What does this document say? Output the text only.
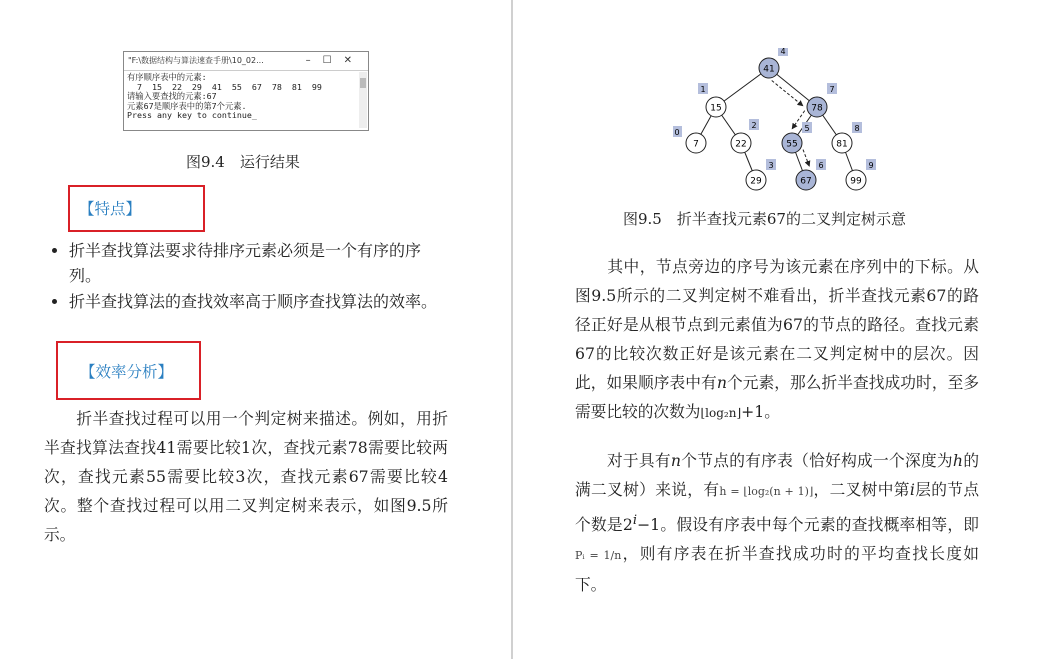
"F:\数据结构与算法速查手册\10_02...	–☐✕
有序顺序表中的元素:
7  15  22  29  41  55  67  78  81  99
请输入要查找的元素:67
元素67是顺序表中的第7个元素.
Press any key to continue_
图9.4　运行结果
【特点】
折半查找算法要求待排序元素必须是一个有序的序列。
折半查找算法的查找效率高于顺序查找算法的效率。
【效率分析】
　　折半查找过程可以用一个判定树来描述。例如，用折半查找算法查找41需要比较1次，查找元素78需要比较两次，查找元素55需要比较3次，查找元素67需要比较4次。整个查找过程可以用二叉判定树来表示，如图9.5所示。
41
4
15
1
78
7
7
0
22
2
55
5
81
8
29
3
67
6
99
9
图9.5　折半查找元素67的二叉判定树示意
　　其中，节点旁边的序号为该元素在序列中的下标。从图9.5所示的二叉判定树不难看出，折半查找元素67的路径正好是从根节点到元素值为67的节点的路径。查找元素67的比较次数正好是该元素在二叉判定树中的层次。因此，如果顺序表中有n个元素，那么折半查找成功时，至多需要比较的次数为⌊log₂n⌋+1。
　　对于具有n个节点的有序表（恰好构成一个深度为h的满二叉树）来说，有h = ⌊log₂(n + 1)⌋，二叉树中第i层的节点个数是$2^i-1$。假设有序表中每个元素的查找概率相等，即Pᵢ = 1/n，则有序表在折半查找成功时的平均查找长度如下。
